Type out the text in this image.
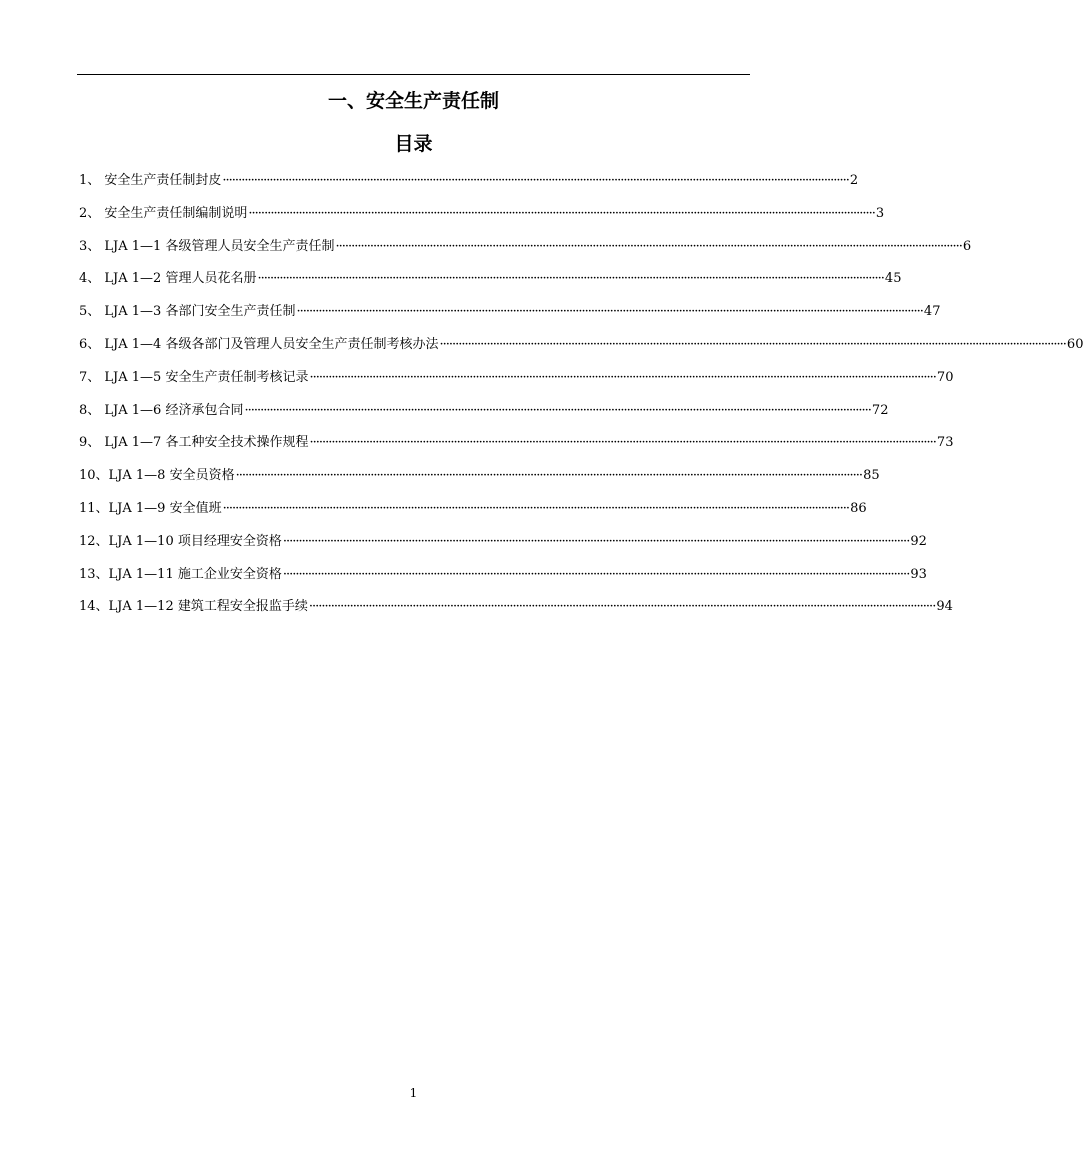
一、安全生产责任制
目录
1、 安全生产责任制封皮 ········································································································································································································ 2
2、 安全生产责任制编制说明 ········································································································································································································ 3
3、 LJA 1—1 各级管理人员安全生产责任制 ········································································································································································································ 6
4、 LJA 1—2 管理人员花名册 ········································································································································································································ 45
5、 LJA 1—3 各部门安全生产责任制 ········································································································································································································ 47
6、 LJA 1—4 各级各部门及管理人员安全生产责任制考核办法 ········································································································································································································ 60
7、 LJA 1—5 安全生产责任制考核记录 ········································································································································································································ 70
8、 LJA 1—6 经济承包合同 ········································································································································································································ 72
9、 LJA 1—7 各工种安全技术操作规程 ········································································································································································································ 73
10、LJA 1—8 安全员资格 ········································································································································································································ 85
11、LJA 1—9 安全值班 ········································································································································································································ 86
12、LJA 1—10 项目经理安全资格 ········································································································································································································ 92
13、LJA 1—11 施工企业安全资格 ········································································································································································································ 93
14、LJA 1—12 建筑工程安全报监手续 ········································································································································································································ 94
1
